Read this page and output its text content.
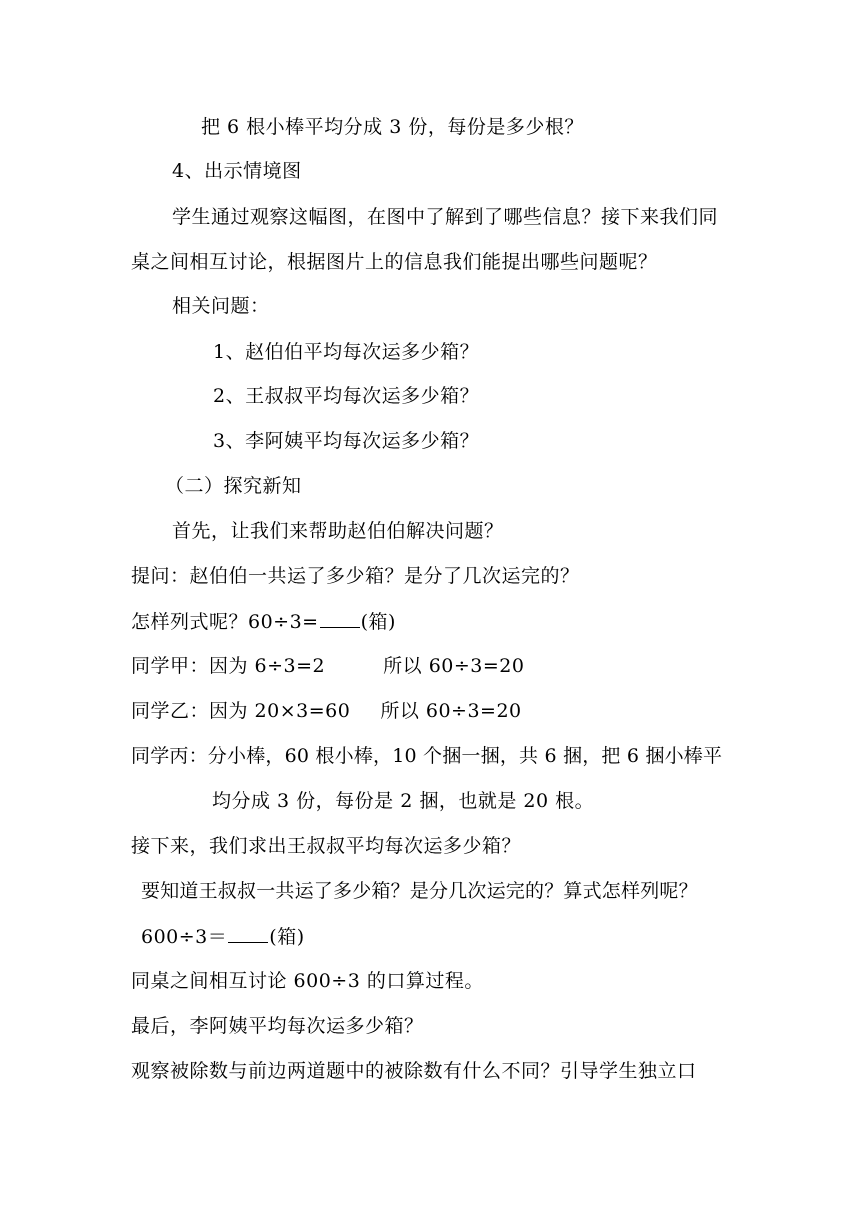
把 6 根小棒平均分成 3 份，每份是多少根？
4、出示情境图
学生通过观察这幅图，在图中了解到了哪些信息？接下来我们同
桌之间相互讨论，根据图片上的信息我们能提出哪些问题呢？
相关问题：
1、赵伯伯平均每次运多少箱？
2、王叔叔平均每次运多少箱？
3、李阿姨平均每次运多少箱？
（二）探究新知
首先，让我们来帮助赵伯伯解决问题？
提问：赵伯伯一共运了多少箱？是分了几次运完的？
怎样列式呢？60÷3= (箱)
同学甲：因为 6÷3=2	所以 60÷3=20
同学乙：因为 20×3=60 所以 60÷3=20
同学丙：分小棒，60 根小棒，10 个捆一捆，共 6 捆，把 6 捆小棒平
均分成 3 份，每份是 2 捆，也就是 20 根。
接下来，我们求出王叔叔平均每次运多少箱？
要知道王叔叔一共运了多少箱？是分几次运完的？算式怎样列呢？
600÷3＝ (箱)
同桌之间相互讨论 600÷3 的口算过程。
最后，李阿姨平均每次运多少箱？
观察被除数与前边两道题中的被除数有什么不同？引导学生独立口
